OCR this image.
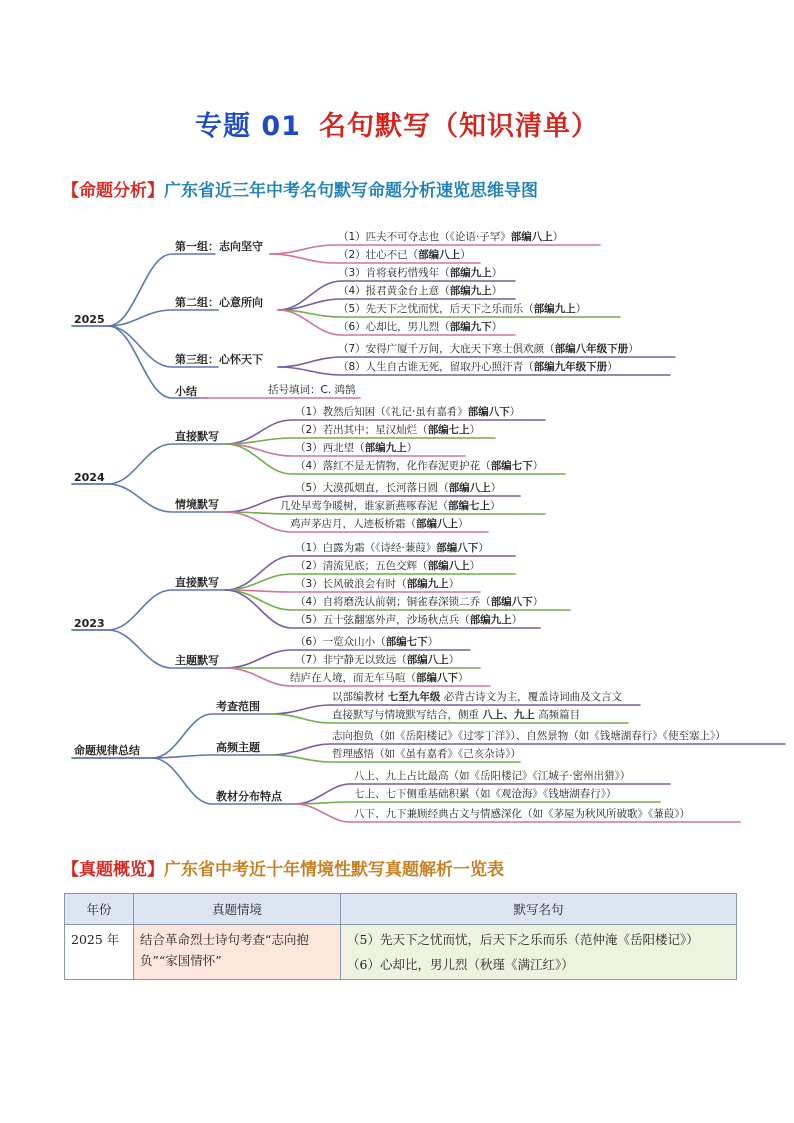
专题 01 名句默写（知识清单）
【命题分析】广东省近三年中考名句默写命题分析速览思维导图
2025
第一组：志向坚守
第二组：心意所向
第三组：心怀天下
小结
（1）匹夫不可夺志也（《论语·子罕》部编八上）
（2）壮心不已（部编八上）
（3）肯将衰朽惜残年（部编九上）
（4）报君黄金台上意（部编九上）
（5）先天下之忧而忧，后天下之乐而乐（部编九上）
（6）心却比，男儿烈（部编九下）
（7）安得广厦千万间，大庇天下寒士俱欢颜（部编八年级下册）
（8）人生自古谁无死，留取丹心照汗青（部编九年级下册）
括号填词：C. 鸿鹄
2024
直接默写
情境默写
（1）教然后知困（《礼记·虽有嘉肴》部编八下）
（2）若出其中；星汉灿烂（部编七上）
（3）西北望（部编九上）
（4）落红不是无情物，化作春泥更护花（部编七下）
（5）大漠孤烟直，长河落日圆（部编八上）
几处早莺争暖树，谁家新燕啄春泥（部编七上）
鸡声茅店月，人迹板桥霜（部编八上）
2023
直接默写
主题默写
（1）白露为霜（《诗经·蒹葭》部编八下）
（2）清流见底；五色交辉（部编八上）
（3）长风破浪会有时（部编九上）
（4）自将磨洗认前朝；铜雀春深锁二乔（部编八下）
（5）五十弦翻塞外声，沙场秋点兵（部编九上）
（6）一览众山小（部编七下）
（7）非宁静无以致远（部编八上）
结庐在人境，而无车马喧（部编八下）
命题规律总结
考查范围
高频主题
教材分布特点
以部编教材 七至九年级 必背古诗文为主，覆盖诗词曲及文言文
直接默写与情境默写结合，侧重 八上、九上 高频篇目
志向抱负（如《岳阳楼记》《过零丁洋》）、自然景物（如《钱塘湖春行》《使至塞上》）
哲理感悟（如《虽有嘉肴》《己亥杂诗》）
八上、九上占比最高（如《岳阳楼记》《江城子·密州出猎》）
七上、七下侧重基础积累（如《观沧海》《钱塘湖春行》）
八下、九下兼顾经典古文与情感深化（如《茅屋为秋风所破歌》《蒹葭》）
【真题概览】广东省中考近十年情境性默写真题解析一览表
年份	真题情境	默写名句
2025 年	结合革命烈士诗句考查“志向抱负”“家国情怀”	（5）先天下之忧而忧，后天下之乐而乐（范仲淹《岳阳楼记》）
（6）心却比，男儿烈（秋瑾《满江红》）
